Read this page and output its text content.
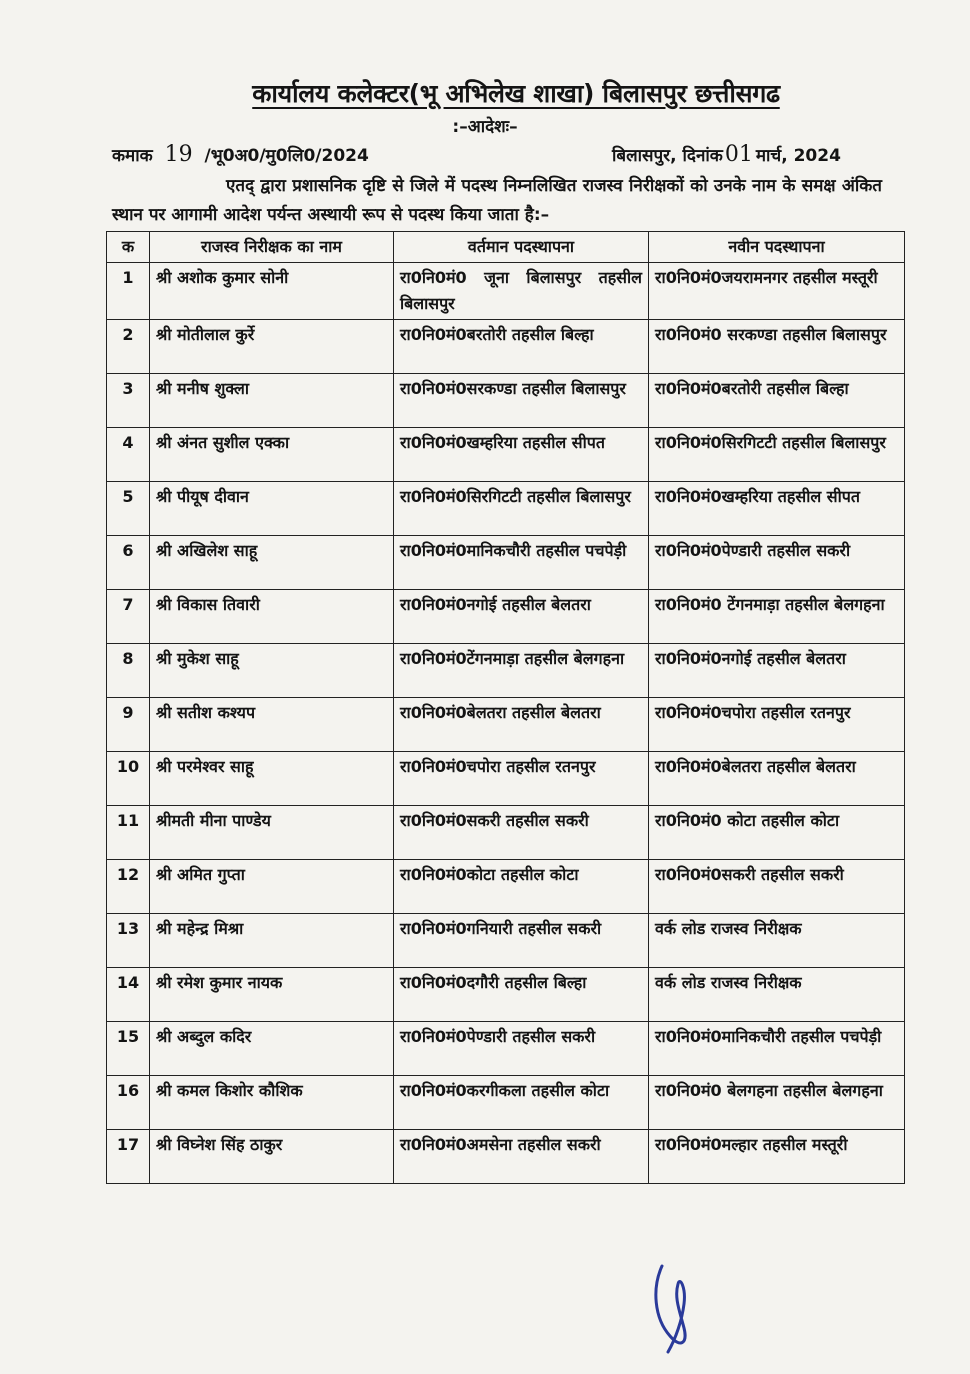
कार्यालय कलेक्टर(भू अभिलेख शाखा) बिलासपुर छत्तीसगढ
:–आदेशः–
कमाक 19 /भू0अ0/मु0लि0/2024	बिलासपुर, दिनांक01 मार्च, 2024
एतद् द्वारा प्रशासनिक दृष्टि से जिले में पदस्थ निम्नलिखित राजस्व निरीक्षकों को उनके नाम के समक्ष अंकित स्थान पर आगामी आदेश पर्यन्त अस्थायी रूप से पदस्थ किया जाता है:–
क	राजस्व निरीक्षक का नाम	वर्तमान पदस्थापना	नवीन पदस्थापना
1	श्री अशोक कुमार सोनी	रा0नि0मं0 जूना बिलासपुर तहसील बिलासपुर	रा0नि0मं0जयरामनगर तहसील मस्तूरी
2	श्री मोतीलाल कुर्रे	रा0नि0मं0बरतोरी तहसील बिल्हा	रा0नि0मं0 सरकण्डा तहसील बिलासपुर
3	श्री मनीष शुक्ला	रा0नि0मं0सरकण्डा तहसील बिलासपुर	रा0नि0मं0बरतोरी तहसील बिल्हा
4	श्री अंनत सुशील एक्का	रा0नि0मं0खम्हरिया तहसील सीपत	रा0नि0मं0सिरगिटटी तहसील बिलासपुर
5	श्री पीयूष दीवान	रा0नि0मं0सिरगिटटी तहसील बिलासपुर	रा0नि0मं0खम्हरिया तहसील सीपत
6	श्री अखिलेश साहू	रा0नि0मं0मानिकचौरी तहसील पचपेड़ी	रा0नि0मं0पेण्डारी तहसील सकरी
7	श्री विकास तिवारी	रा0नि0मं0नगोई तहसील बेलतरा	रा0नि0मं0 टेंगनमाड़ा तहसील बेलगहना
8	श्री मुकेश साहू	रा0नि0मं0टेंगनमाड़ा तहसील बेलगहना	रा0नि0मं0नगोई तहसील बेलतरा
9	श्री सतीश कश्यप	रा0नि0मं0बेलतरा तहसील बेलतरा	रा0नि0मं0चपोरा तहसील रतनपुर
10	श्री परमेश्वर साहू	रा0नि0मं0चपोरा तहसील रतनपुर	रा0नि0मं0बेलतरा तहसील बेलतरा
11	श्रीमती मीना पाण्डेय	रा0नि0मं0सकरी तहसील सकरी	रा0नि0मं0 कोटा तहसील कोटा
12	श्री अमित गुप्ता	रा0नि0मं0कोटा तहसील कोटा	रा0नि0मं0सकरी तहसील सकरी
13	श्री महेन्द्र मिश्रा	रा0नि0मं0गनियारी तहसील सकरी	वर्क लोड राजस्व निरीक्षक
14	श्री रमेश कुमार नायक	रा0नि0मं0दगौरी तहसील बिल्हा	वर्क लोड राजस्व निरीक्षक
15	श्री अब्दुल कदिर	रा0नि0मं0पेण्डारी तहसील सकरी	रा0नि0मं0मानिकचौरी तहसील पचपेड़ी
16	श्री कमल किशोर कौशिक	रा0नि0मं0करगीकला तहसील कोटा	रा0नि0मं0 बेलगहना तहसील बेलगहना
17	श्री विघ्नेश सिंह ठाकुर	रा0नि0मं0अमसेना तहसील सकरी	रा0नि0मं0मल्हार तहसील मस्तूरी
